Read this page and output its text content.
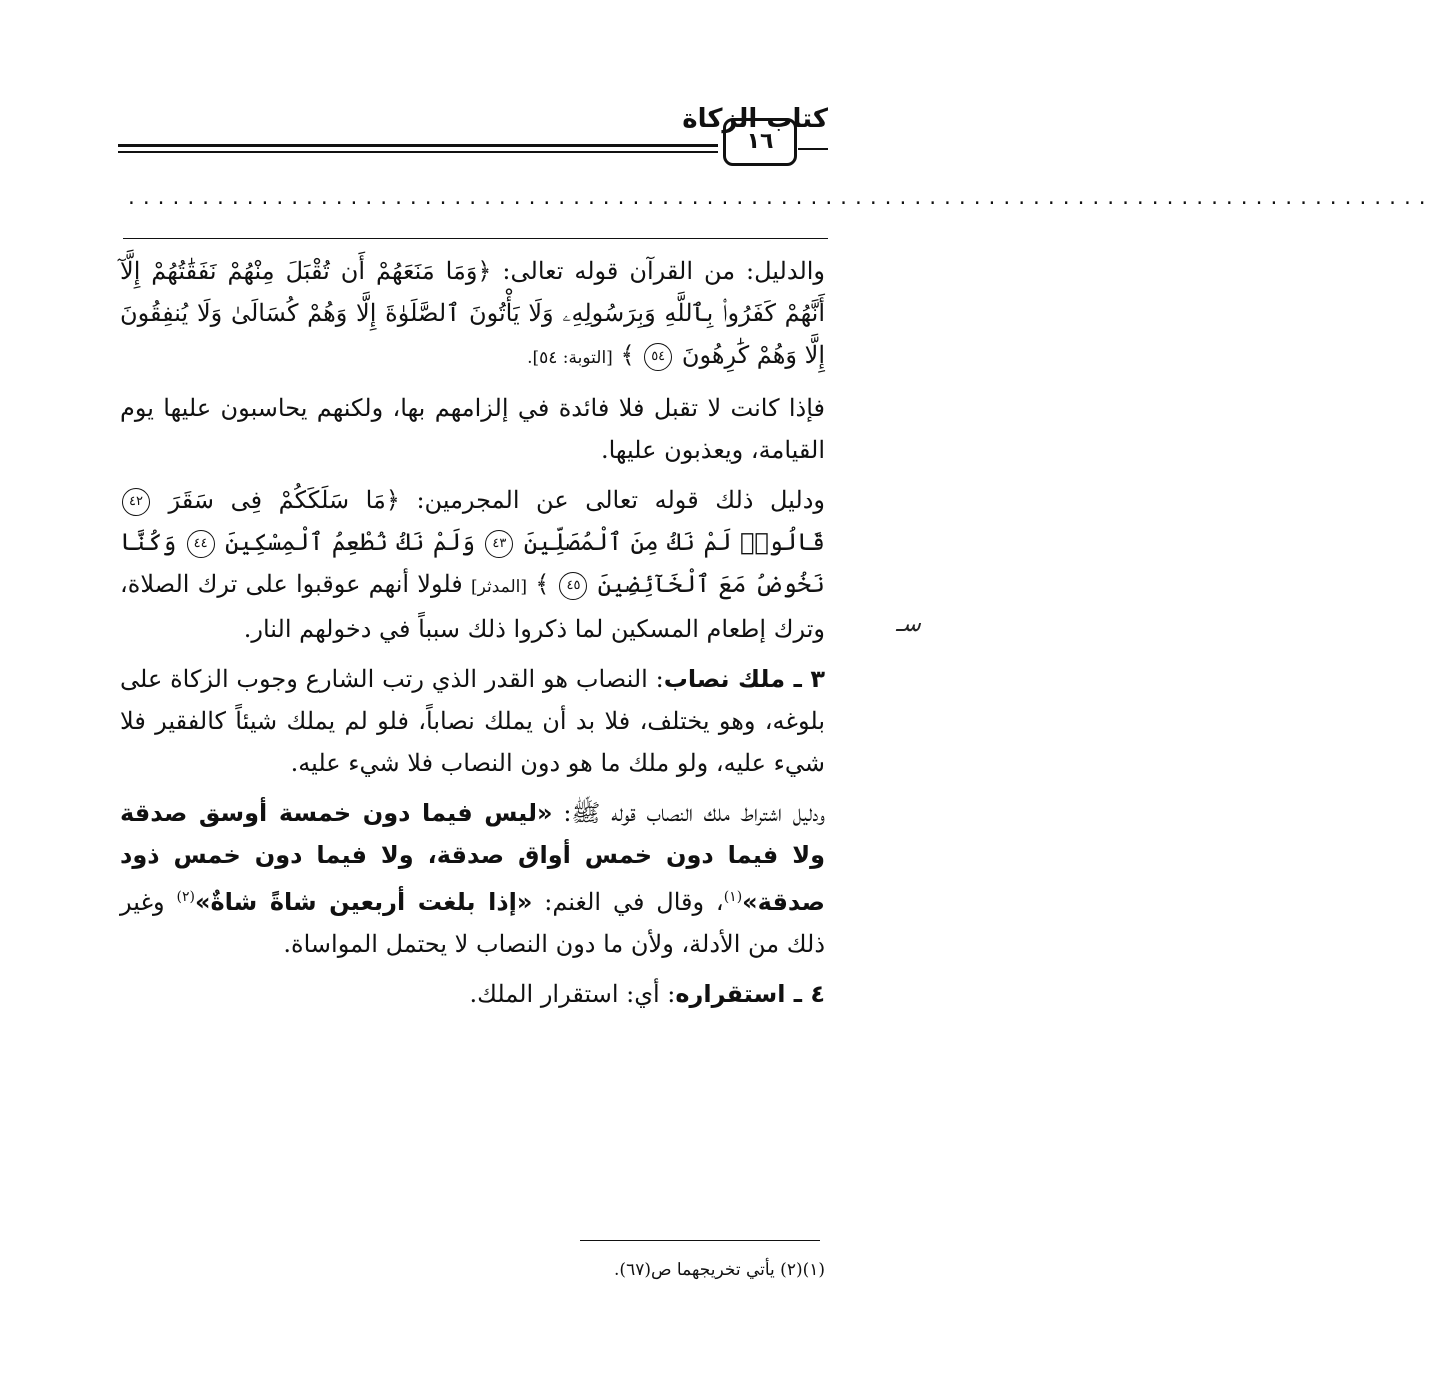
كتاب الزكاة
١٦
........................................................................................

والدليل: من القرآن قوله تعالى: ﴿وَمَا مَنَعَهُمْ أَن تُقْبَلَ مِنْهُمْ نَفَقَٰتُهُمْ إِلَّآ أَنَّهُمْ كَفَرُوا۟ بِٱللَّهِ وَبِرَسُولِهِۦ وَلَا يَأْتُونَ ٱلصَّلَوٰةَ إِلَّا وَهُمْ كُسَالَىٰ وَلَا يُنفِقُونَ إِلَّا وَهُمْ كَٰرِهُونَ ٥٤ ﴾ [التوبة: ٥٤].

فإذا كانت لا تقبل فلا فائدة في إلزامهم بها، ولكنهم يحاسبون عليها يوم القيامة، ويعذبون عليها.

ودليل ذلك قوله تعالى عن المجرمين: ﴿مَا سَلَكَكُمْ فِى سَقَرَ ٤٢ قَالُوا۟ لَمْ نَكُ مِنَ ٱلْمُصَلِّينَ ٤٣ وَلَمْ نَكُ نُطْعِمُ ٱلْمِسْكِينَ ٤٤ وَكُنَّا نَخُوضُ مَعَ ٱلْخَآئِضِينَ ٤٥ ﴾ [المدثر] فلولا أنهم عوقبوا على ترك الصلاة، وترك إطعام المسكين لما ذكروا ذلك سبباً في دخولهم النار.

٣ ـ ملك نصاب: النصاب هو القدر الذي رتب الشارع وجوب الزكاة على بلوغه، وهو يختلف، فلا بد أن يملك نصاباً، فلو لم يملك شيئاً كالفقير فلا شيء عليه، ولو ملك ما هو دون النصاب فلا شيء عليه.

ودليل اشتراط ملك النصاب قوله ﷺ: «ليس فيما دون خمسة أوسق صدقة ولا فيما دون خمس أواق صدقة، ولا فيما دون خمس ذود صدقة»$^{(١)}$، وقال في الغنم: «إذا بلغت أربعين شاةً شاةٌ»$^{(٢)}$ وغير ذلك من الأدلة، ولأن ما دون النصاب لا يحتمل المواساة.

٤ ـ استقراره: أي: استقرار الملك.

(١)(٢) يأتي تخريجهما ص(٦٧).
سـ
